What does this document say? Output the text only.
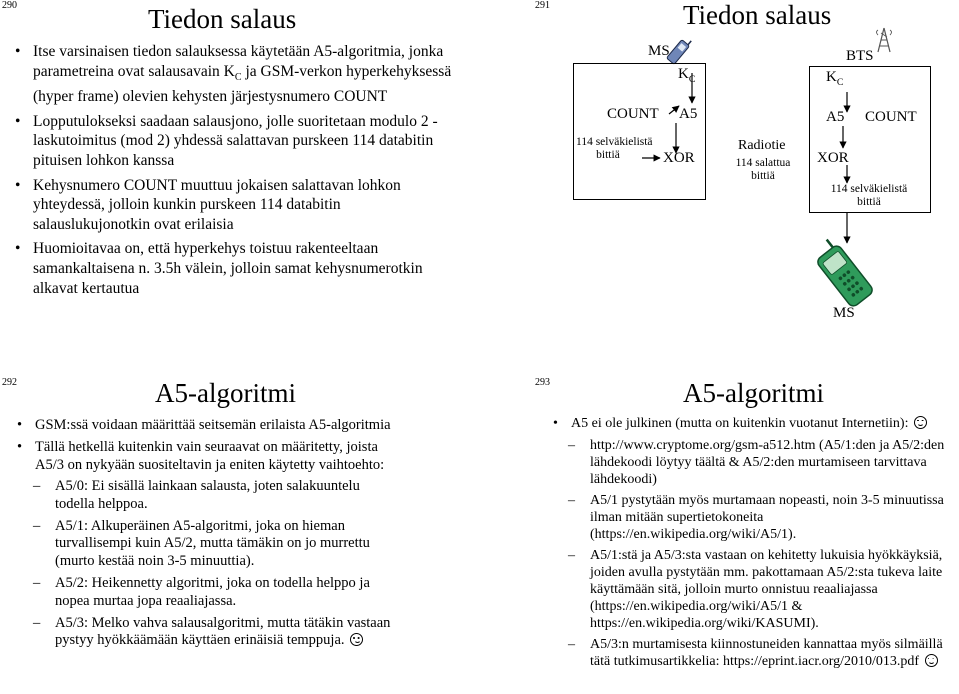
290	Tiedon salaus
• Itse varsinaisen tiedon salauksessa käytetään A5-algoritmia, jonka parametreina ovat salausavain $K_C$ ja GSM-verkon hyperkehyksessä (hyper frame) olevien kehysten järjestysnumero COUNT
• Lopputulokseksi saadaan salausjono, jolle suoritetaan modulo 2 -laskutoimitus (mod 2) yhdessä salattavan purskeen 114 databitin pituisen lohkon kanssa
• Kehysnumero COUNT muuttuu jokaisen salattavan lohkon yhteydessä, jolloin kunkin purskeen 114 databitin salauslukujonotkin ovat erilaisia
• Huomioitavaa on, että hyperkehys toistuu rakenteeltaan samankaltaisena n. 3.5h välein, jolloin samat kehysnumerotkin alkavat kertautua
291	Tiedon salaus
MS
$K_C$
COUNT A5
114 selväkielistä
bittiä	XOR
Radiotie
114 salattua
bittiä
BTS
$K_C$
A5 COUNT
XOR
114 selväkielistä
bittiä
MS
292	A5-algoritmi
• GSM:ssä voidaan määrittää seitsemän erilaista A5-algoritmia
• Tällä hetkellä kuitenkin vain seuraavat on määritetty, joista A5/3 on nykyään suositeltavin ja eniten käytetty vaihtoehto:
– A5/0: Ei sisällä lainkaan salausta, joten salakuuntelu todella helppoa.
– A5/1: Alkuperäinen A5-algoritmi, joka on hieman turvallisempi kuin A5/2, mutta tämäkin on jo murrettu (murto kestää noin 3-5 minuuttia).
– A5/2: Heikennetty algoritmi, joka on todella helppo ja nopea murtaa jopa reaaliajassa.
– A5/3: Melko vahva salausalgoritmi, mutta tätäkin vastaan pystyy hyökkäämään käyttäen erinäisiä temppuja.
293	A5-algoritmi
• A5 ei ole julkinen (mutta on kuitenkin vuotanut Internetiin):
– http://www.cryptome.org/gsm-a512.htm (A5/1:den ja A5/2:den lähdekoodi löytyy täältä & A5/2:den murtamiseen tarvittava lähdekoodi)
– A5/1 pystytään myös murtamaan nopeasti, noin 3-5 minuutissa ilman mitään supertietokoneita (https://en.wikipedia.org/wiki/A5/1).
– A5/1:stä ja A5/3:sta vastaan on kehitetty lukuisia hyökkäyksiä, joiden avulla pystytään mm. pakottamaan A5/2:sta tukeva laite käyttämään sitä, jolloin murto onnistuu reaaliajassa (https://en.wikipedia.org/wiki/A5/1 & https://en.wikipedia.org/wiki/KASUMI).
– A5/3:n murtamisesta kiinnostuneiden kannattaa myös silmäillä tätä tutkimusartikkelia: https://eprint.iacr.org/2010/013.pdf
